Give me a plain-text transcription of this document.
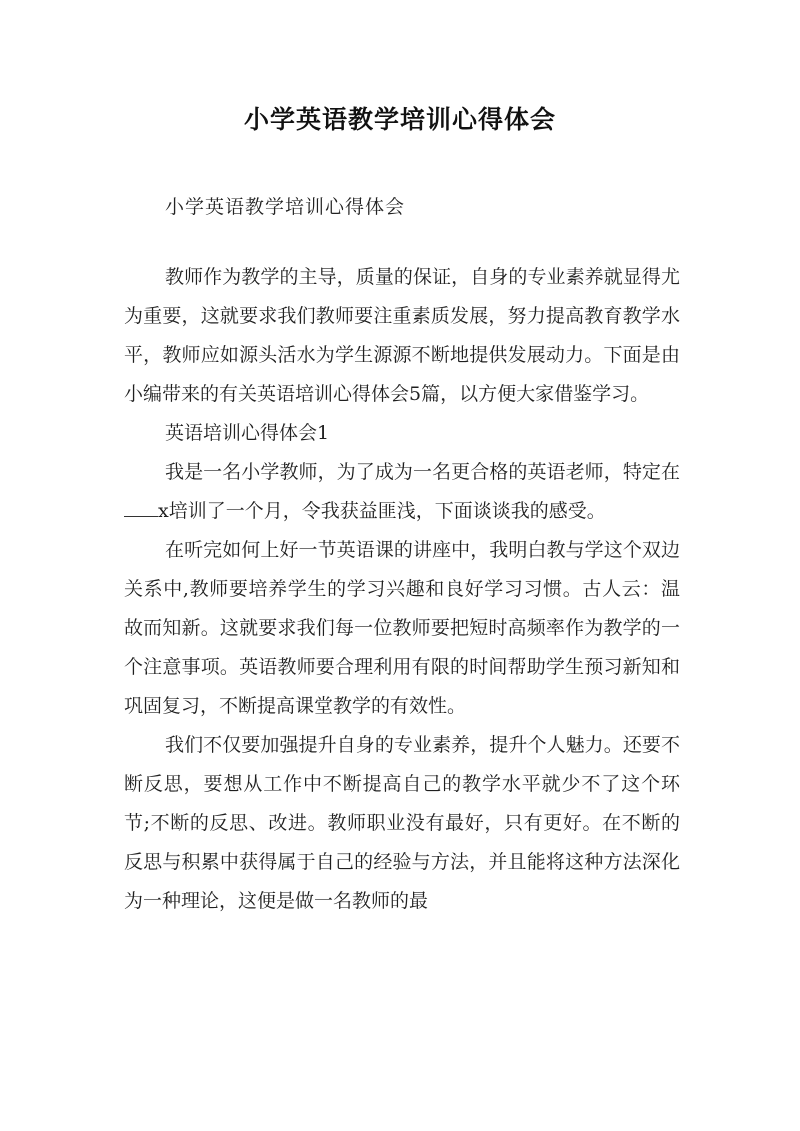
小学英语教学培训心得体会
小学英语教学培训心得体会

教师作为教学的主导，质量的保证，自身的专业素养就显得尤为重要，这就要求我们教师要注重素质发展，努力提高教育教学水平，教师应如源头活水为学生源源不断地提供发展动力。下面是由小编带来的有关英语培训心得体会5篇，以方便大家借鉴学习。

英语培训心得体会1

我是一名小学教师，为了成为一名更合格的英语老师，特定在x培训了一个月，令我获益匪浅，下面谈谈我的感受。

在听完如何上好一节英语课的讲座中，我明白教与学这个双边关系中,教师要培养学生的学习兴趣和良好学习习惯。古人云：温故而知新。这就要求我们每一位教师要把短时高频率作为教学的一个注意事项。英语教师要合理利用有限的时间帮助学生预习新知和巩固复习，不断提高课堂教学的有效性。

我们不仅要加强提升自身的专业素养，提升个人魅力。还要不断反思，要想从工作中不断提高自己的教学水平就少不了这个环节;不断的反思、改进。教师职业没有最好，只有更好。在不断的反思与积累中获得属于自己的经验与方法，并且能将这种方法深化为一种理论，这便是做一名教师的最
